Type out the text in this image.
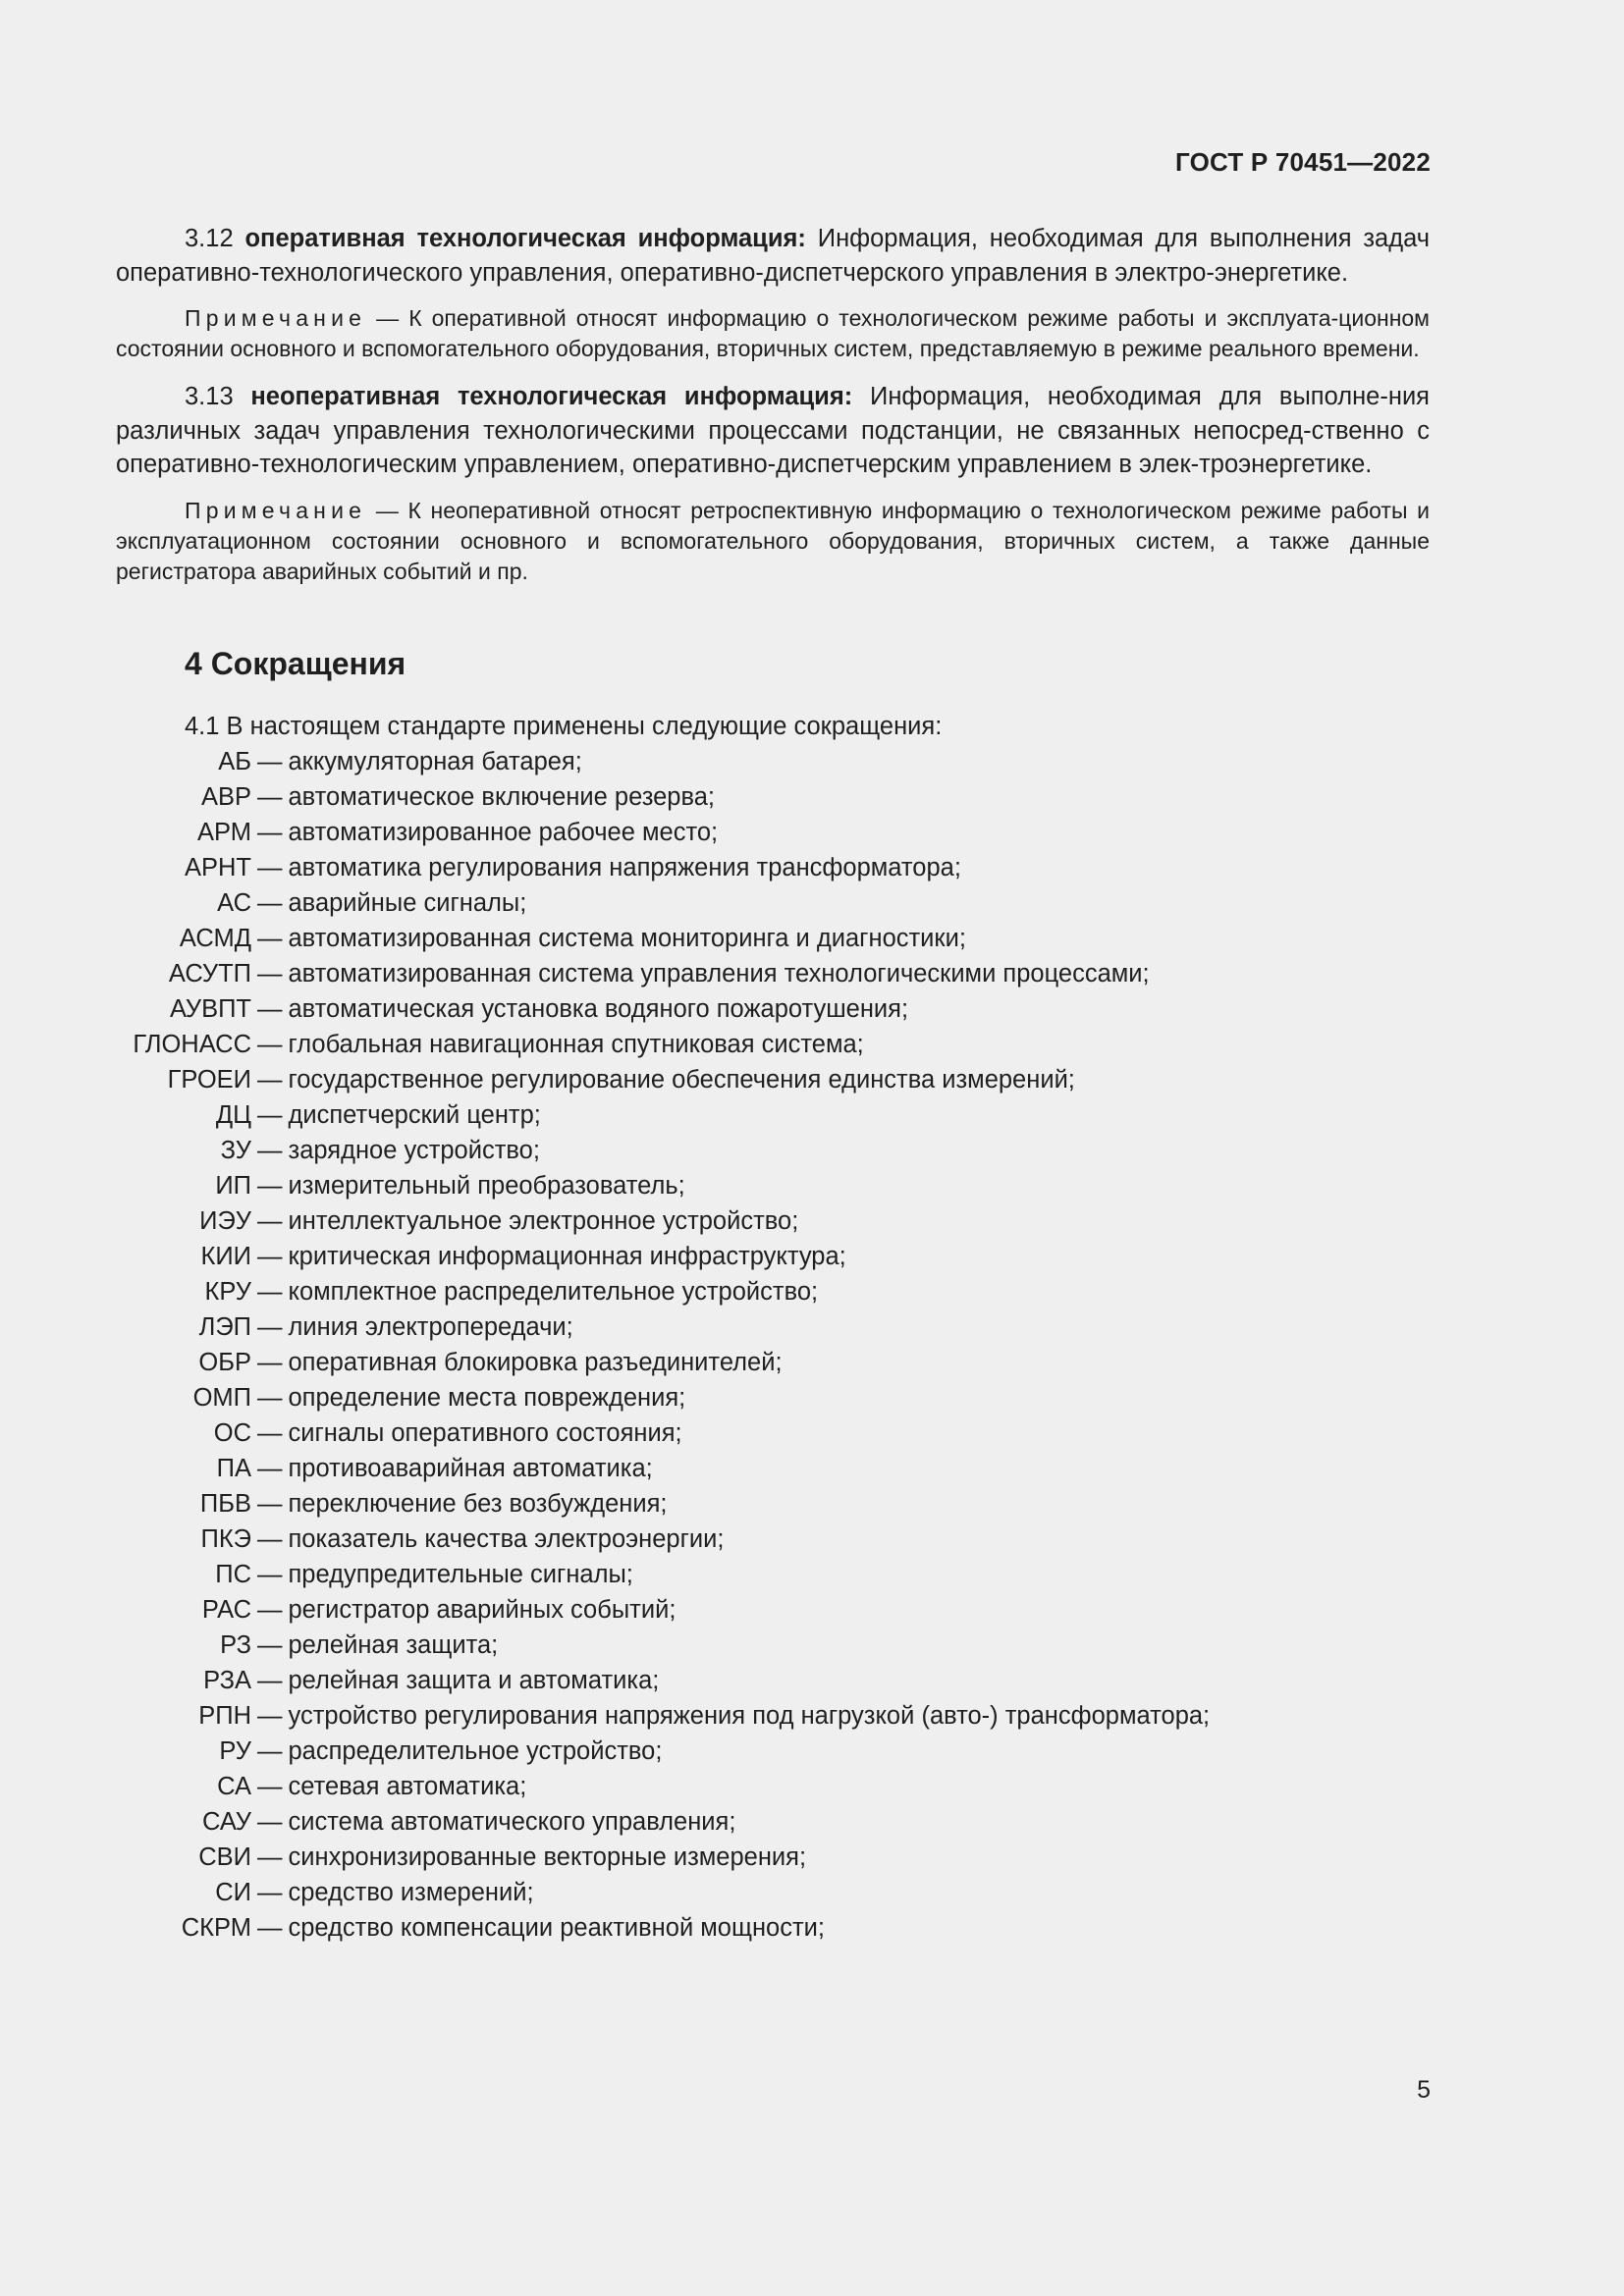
ГОСТ Р 70451—2022

3.12 оперативная технологическая информация: Информация, необходимая для выполнения задач оперативно-технологического управления, оперативно-диспетчерского управления в электро-энергетике.

Примечание — К оперативной относят информацию о технологическом режиме работы и эксплуата-ционном состоянии основного и вспомогательного оборудования, вторичных систем, представляемую в режиме реального времени.

3.13 неоперативная технологическая информация: Информация, необходимая для выполне-ния различных задач управления технологическими процессами подстанции, не связанных непосред-ственно с оперативно-технологическим управлением, оперативно-диспетчерским управлением в элек-троэнергетике.

Примечание — К неоперативной относят ретроспективную информацию о технологическом режиме работы и эксплуатационном состоянии основного и вспомогательного оборудования, вторичных систем, а также данные регистратора аварийных событий и пр.

4 Сокращения
4.1 В настоящем стандарте применены следующие сокращения:
АБ — аккумуляторная батарея;
АВР — автоматическое включение резерва;
АРМ — автоматизированное рабочее место;
АРНТ — автоматика регулирования напряжения трансформатора;
АС — аварийные сигналы;
АСМД — автоматизированная система мониторинга и диагностики;
АСУТП — автоматизированная система управления технологическими процессами;
АУВПТ — автоматическая установка водяного пожаротушения;
ГЛОНАСС — глобальная навигационная спутниковая система;
ГРОЕИ — государственное регулирование обеспечения единства измерений;
ДЦ — диспетчерский центр;
ЗУ — зарядное устройство;
ИП — измерительный преобразователь;
ИЭУ — интеллектуальное электронное устройство;
КИИ — критическая информационная инфраструктура;
КРУ — комплектное распределительное устройство;
ЛЭП — линия электропередачи;
ОБР — оперативная блокировка разъединителей;
ОМП — определение места повреждения;
ОС — сигналы оперативного состояния;
ПА — противоаварийная автоматика;
ПБВ — переключение без возбуждения;
ПКЭ — показатель качества электроэнергии;
ПС — предупредительные сигналы;
РАС — регистратор аварийных событий;
РЗ — релейная защита;
РЗА — релейная защита и автоматика;
РПН — устройство регулирования напряжения под нагрузкой (авто-) трансформатора;
РУ — распределительное устройство;
СА — сетевая автоматика;
САУ — система автоматического управления;
СВИ — синхронизированные векторные измерения;
СИ — средство измерений;
СКРМ — средство компенсации реактивной мощности;
5
